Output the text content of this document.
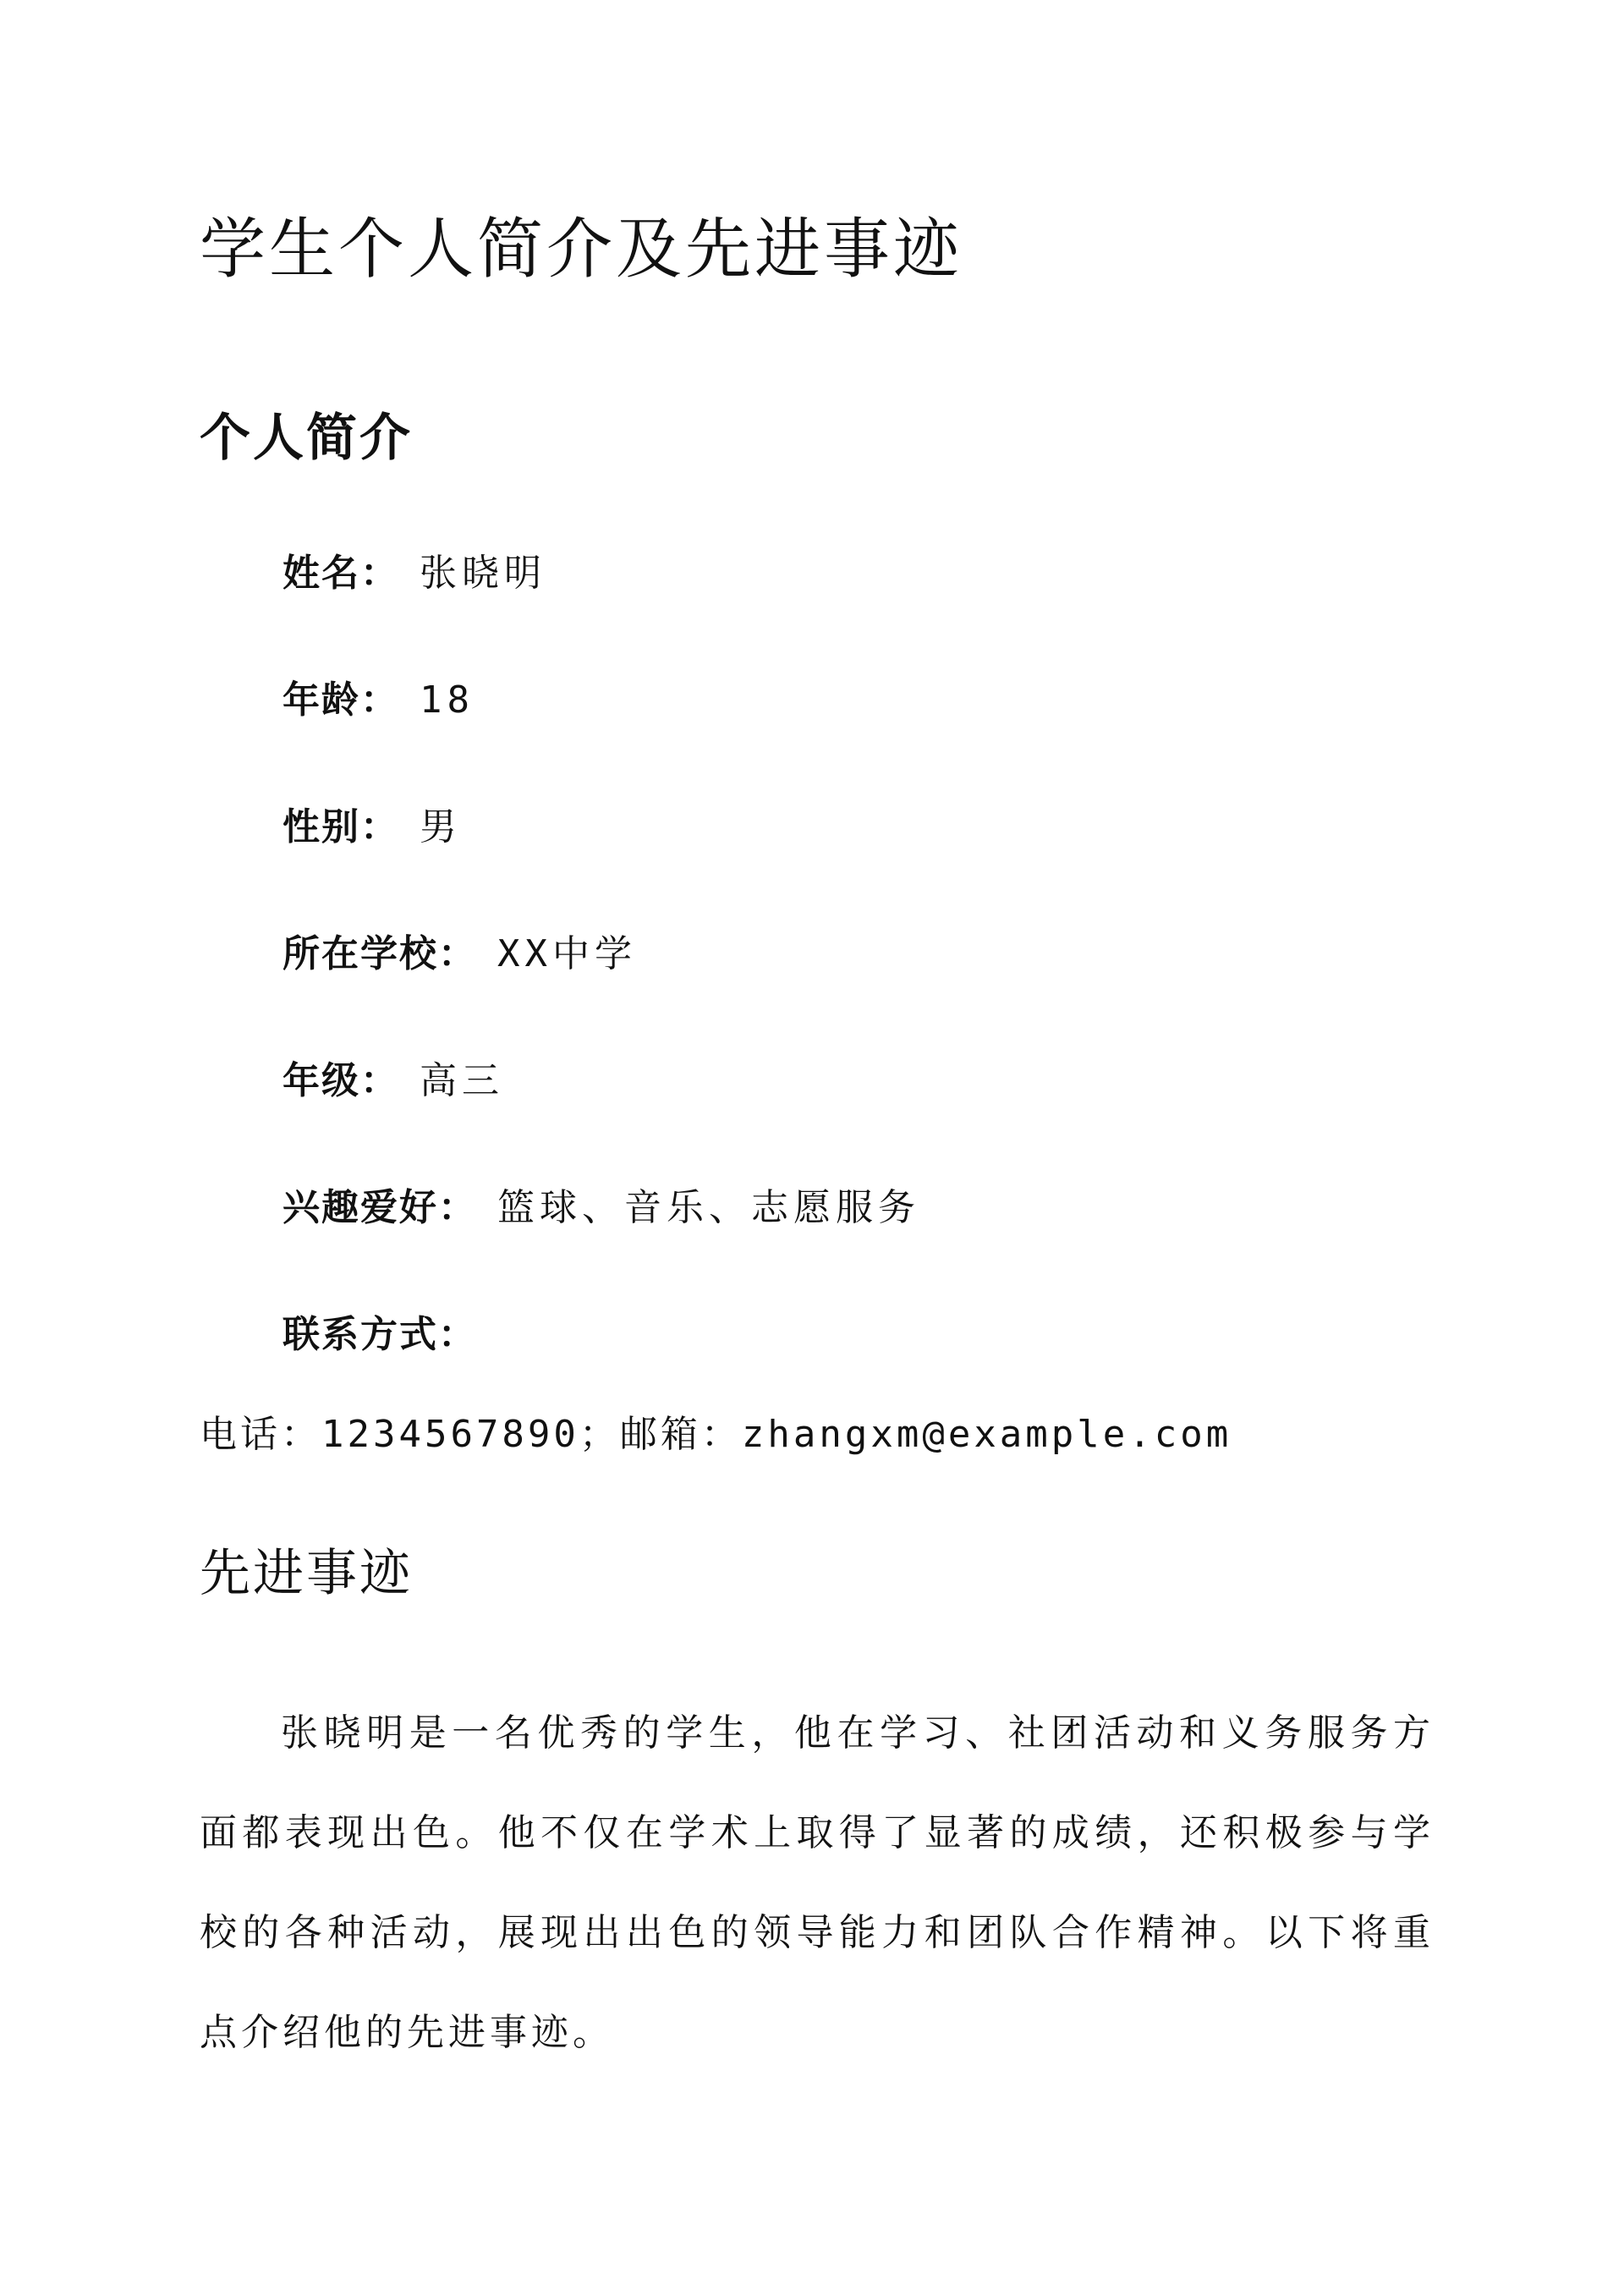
学生个人简介及先进事迹
个人简介
姓名： 张晓明
年龄： 18
性别： 男
所在学校： XX中学
年级： 高三
兴趣爱好： 篮球、音乐、志愿服务
联系方式：
电话：1234567890；邮箱：zhangxm@example.com
先进事迹

张晓明是一名优秀的学生，他在学习、社团活动和义务服务方面都表现出色。他不仅在学术上取得了显著的成绩，还积极参与学校的各种活动，展现出出色的领导能力和团队合作精神。以下将重点介绍他的先进事迹。
